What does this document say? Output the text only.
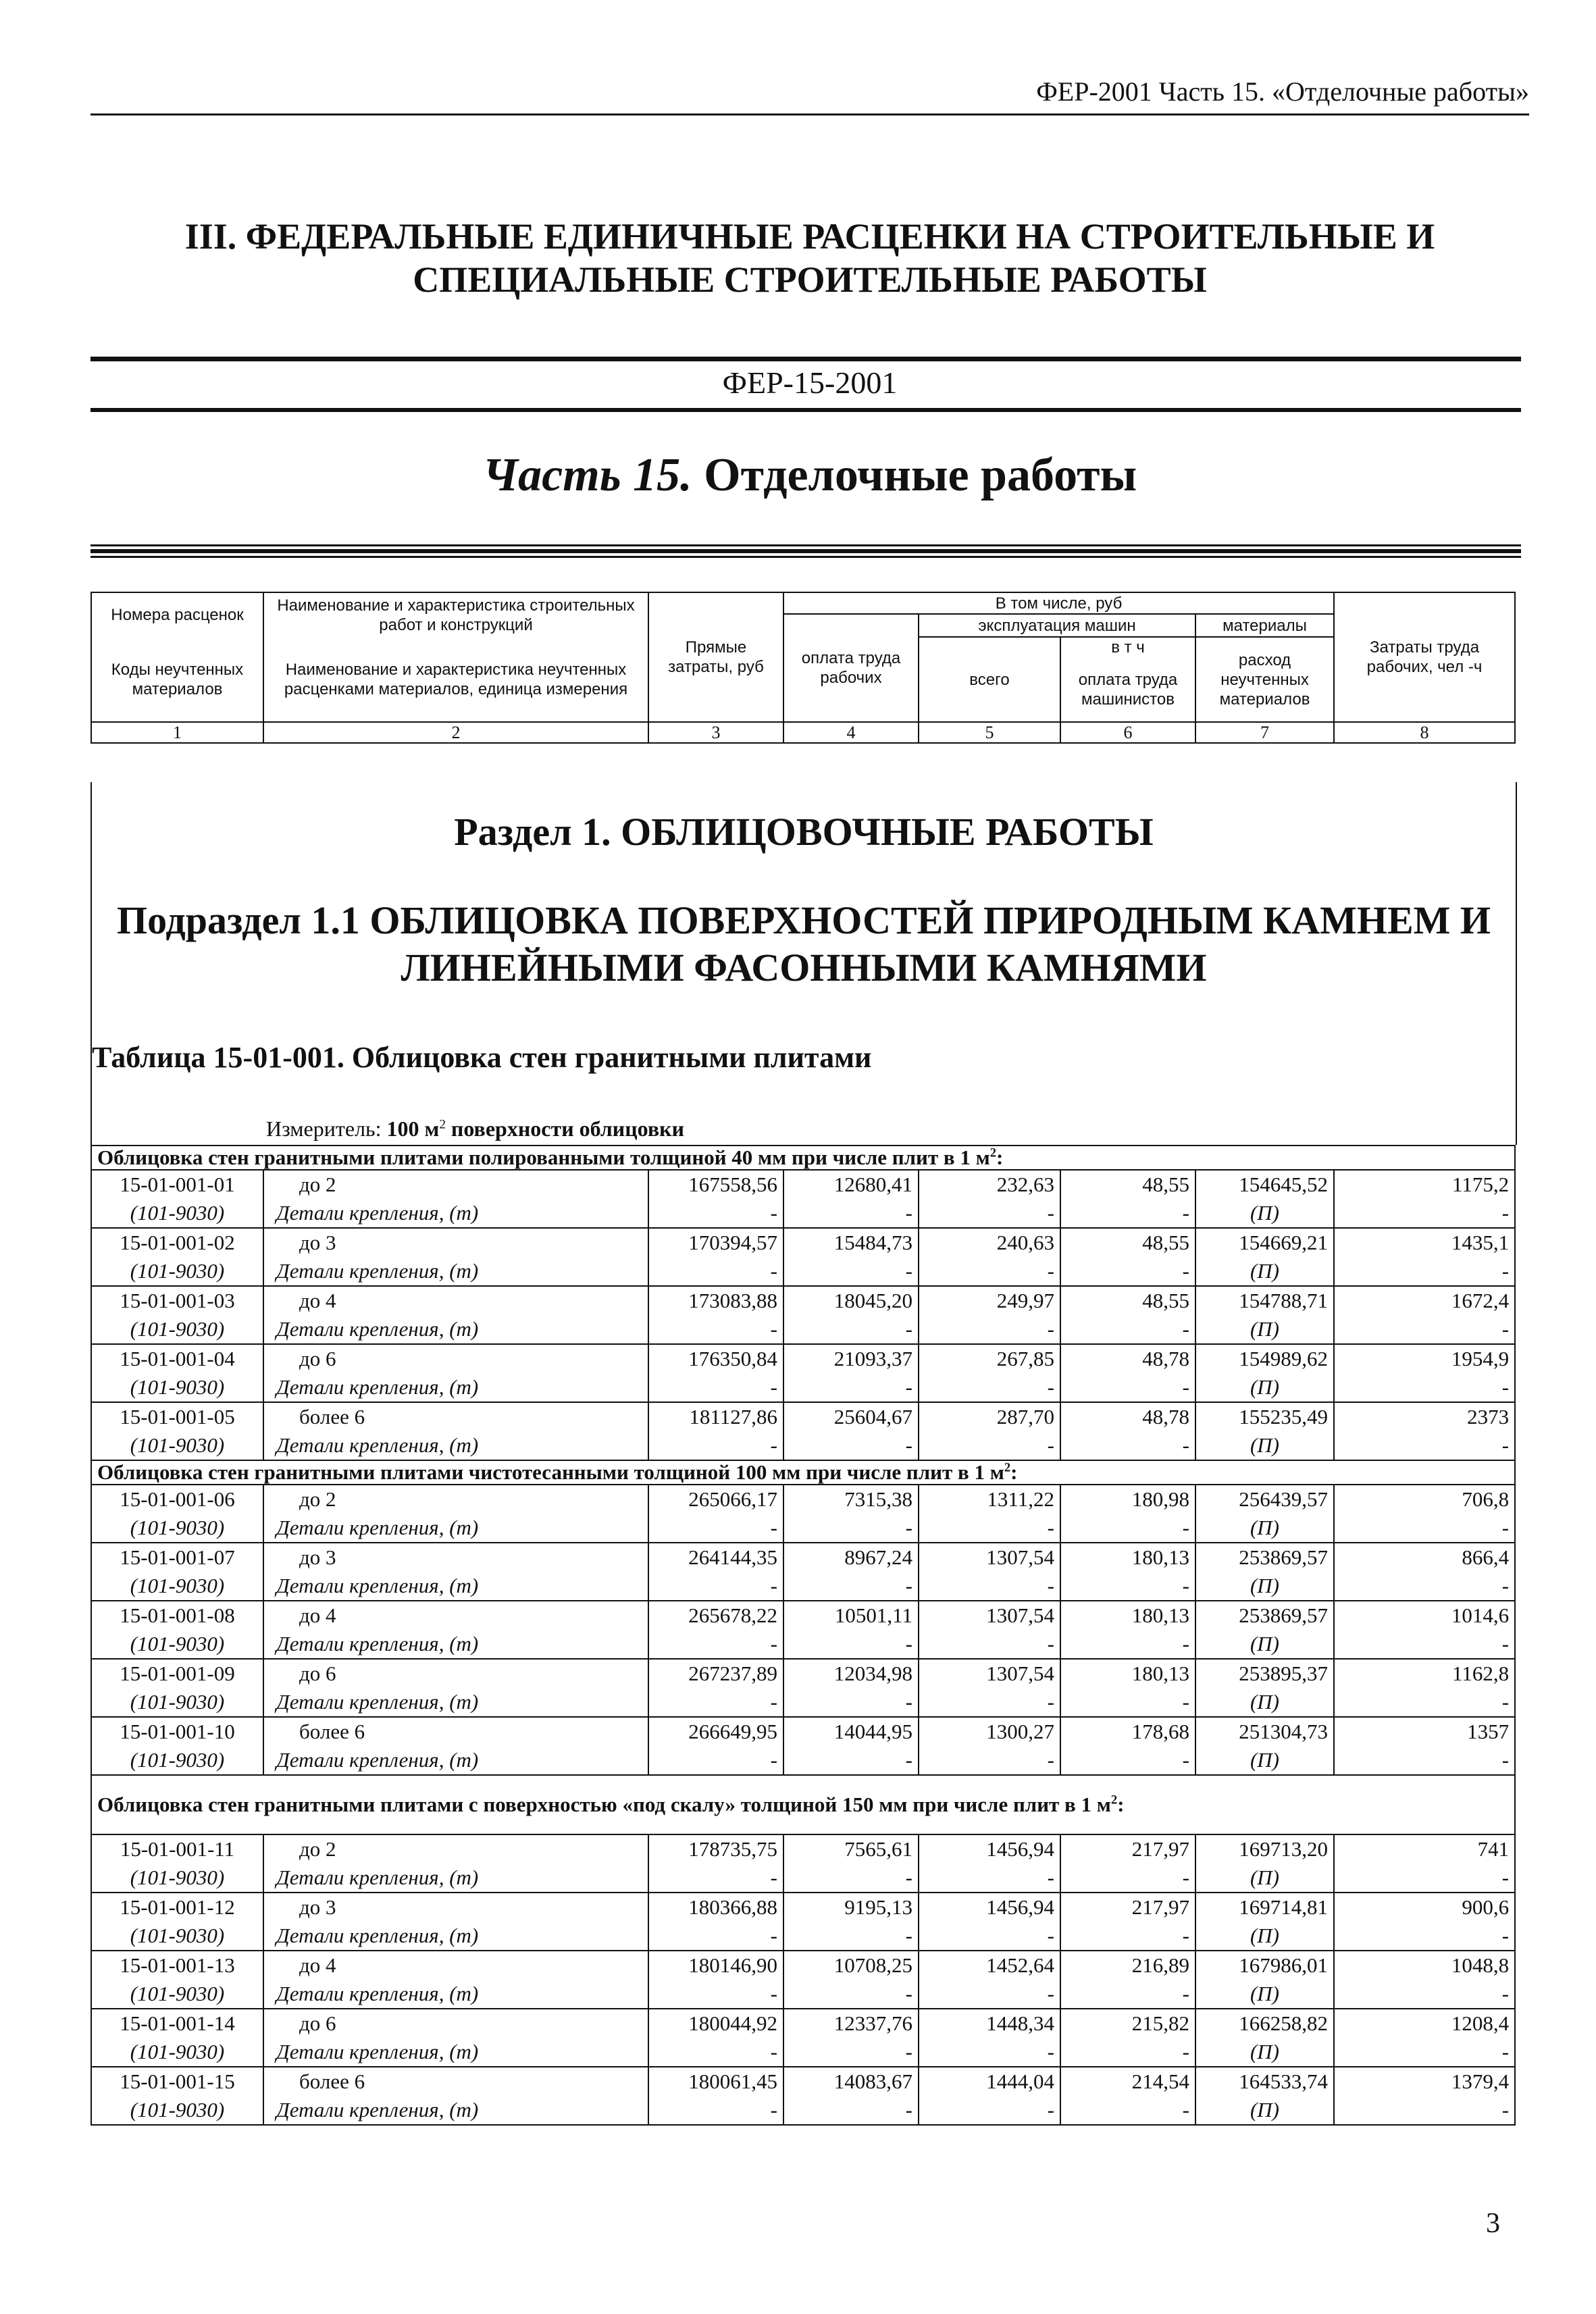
ФЕР-2001 Часть 15. «Отделочные работы»
III. ФЕДЕРАЛЬНЫЕ ЕДИНИЧНЫЕ РАСЦЕНКИ НА СТРОИТЕЛЬНЫЕ И
СПЕЦИАЛЬНЫЕ СТРОИТЕЛЬНЫЕ РАБОТЫ
ФЕР-15-2001
Часть 15. Отделочные работы
Номера расценок	Наименование и характеристика строительных работ и конструкций	Прямые затраты, руб	В том числе, руб				Затраты труда рабочих, чел -ч
			оплата труда рабочих	эксплуатация машин		материалы	
Коды неучтенных материалов	Наименование и характеристика неучтенных расценками материалов, единица измерения			всего	в т ч	расход неучтенных материалов	
					оплата труда машинистов		
1	2	3	4	5	6	7	8
Раздел 1. ОБЛИЦОВОЧНЫЕ РАБОТЫ
Подраздел 1.1 ОБЛИЦОВКА ПОВЕРХНОСТЕЙ ПРИРОДНЫМ КАМНЕМ И
ЛИНЕЙНЫМИ ФАСОННЫМИ КАМНЯМИ
Таблица 15-01-001. Облицовка стен гранитными плитами
Измеритель: 100 $м^2$ поверхности облицовки
Облицовка стен гранитными плитами полированными толщиной 40 мм при числе плит в 1 $м^2$:							
15-01-001-01	до 2	167558,56	12680,41	232,63	48,55	154645,52	1175,2
(101-9030)	Детали крепления, (т)	-	-	-	-	(П)	-
15-01-001-02	до 3	170394,57	15484,73	240,63	48,55	154669,21	1435,1
(101-9030)	Детали крепления, (т)	-	-	-	-	(П)	-
15-01-001-03	до 4	173083,88	18045,20	249,97	48,55	154788,71	1672,4
(101-9030)	Детали крепления, (т)	-	-	-	-	(П)	-
15-01-001-04	до 6	176350,84	21093,37	267,85	48,78	154989,62	1954,9
(101-9030)	Детали крепления, (т)	-	-	-	-	(П)	-
15-01-001-05	более 6	181127,86	25604,67	287,70	48,78	155235,49	2373
(101-9030)	Детали крепления, (т)	-	-	-	-	(П)	-
Облицовка стен гранитными плитами чистотесанными толщиной 100 мм при числе плит в 1 $м^2$:							
15-01-001-06	до 2	265066,17	7315,38	1311,22	180,98	256439,57	706,8
(101-9030)	Детали крепления, (т)	-	-	-	-	(П)	-
15-01-001-07	до 3	264144,35	8967,24	1307,54	180,13	253869,57	866,4
(101-9030)	Детали крепления, (т)	-	-	-	-	(П)	-
15-01-001-08	до 4	265678,22	10501,11	1307,54	180,13	253869,57	1014,6
(101-9030)	Детали крепления, (т)	-	-	-	-	(П)	-
15-01-001-09	до 6	267237,89	12034,98	1307,54	180,13	253895,37	1162,8
(101-9030)	Детали крепления, (т)	-	-	-	-	(П)	-
15-01-001-10	более 6	266649,95	14044,95	1300,27	178,68	251304,73	1357
(101-9030)	Детали крепления, (т)	-	-	-	-	(П)	-
Облицовка стен гранитными плитами с поверхностью «под скалу» толщиной 150 мм при числе плит в 1 $м^2$:							
15-01-001-11	до 2	178735,75	7565,61	1456,94	217,97	169713,20	741
(101-9030)	Детали крепления, (т)	-	-	-	-	(П)	-
15-01-001-12	до 3	180366,88	9195,13	1456,94	217,97	169714,81	900,6
(101-9030)	Детали крепления, (т)	-	-	-	-	(П)	-
15-01-001-13	до 4	180146,90	10708,25	1452,64	216,89	167986,01	1048,8
(101-9030)	Детали крепления, (т)	-	-	-	-	(П)	-
15-01-001-14	до 6	180044,92	12337,76	1448,34	215,82	166258,82	1208,4
(101-9030)	Детали крепления, (т)	-	-	-	-	(П)	-
15-01-001-15	более 6	180061,45	14083,67	1444,04	214,54	164533,74	1379,4
(101-9030)	Детали крепления, (т)	-	-	-	-	(П)	-
3
